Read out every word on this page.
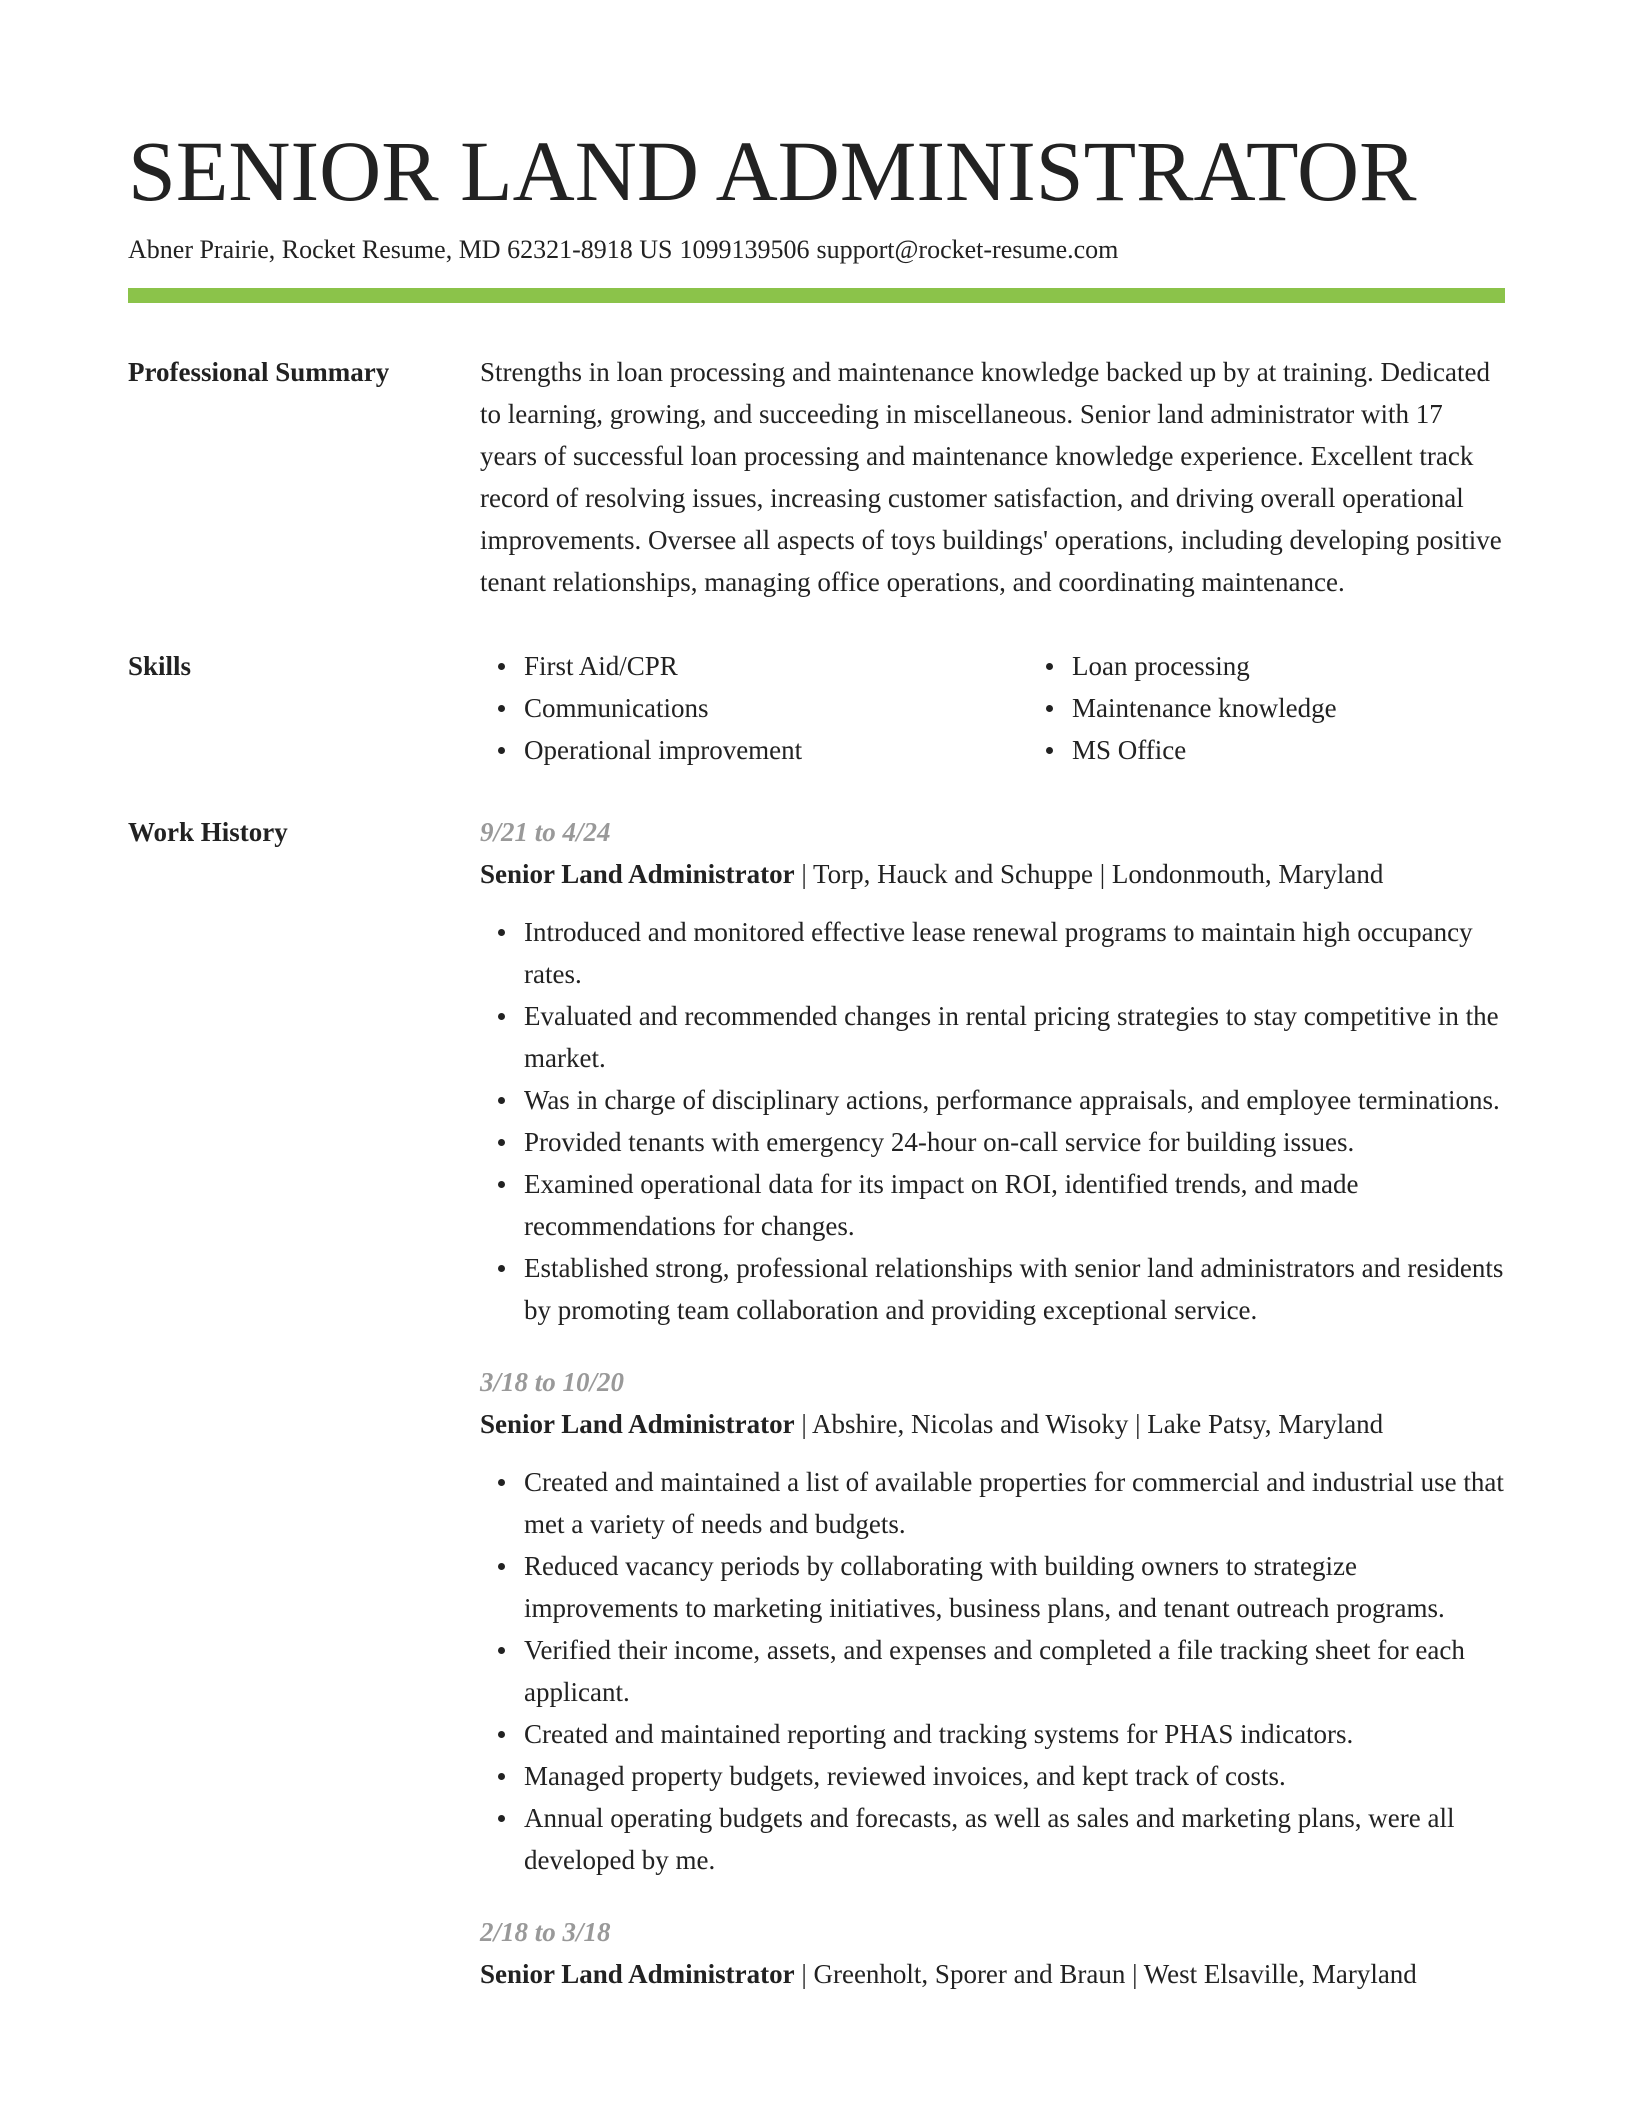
SENIOR LAND ADMINISTRATOR
Abner Prairie, Rocket Resume, MD 62321-8918 US 1099139506 support@rocket-resume.com
Professional Summary	Strengths in loan processing and maintenance knowledge backed up by at training. Dedicated to learning, growing, and succeeding in miscellaneous. Senior land administrator with 17 years of successful loan processing and maintenance knowledge experience. Excellent track record of resolving issues, increasing customer satisfaction, and driving overall operational improvements. Oversee all aspects of toys buildings' operations, including developing positive tenant relationships, managing office operations, and coordinating maintenance.

Skills	First Aid/CPR
Communications
Operational improvement
Loan processing
Maintenance knowledge
MS Office
Work History	9/21 to 4/24
Senior Land Administrator | Torp, Hauck and Schuppe | Londonmouth, Maryland
Introduced and monitored effective lease renewal programs to maintain high occupancy rates.
Evaluated and recommended changes in rental pricing strategies to stay competitive in the market.
Was in charge of disciplinary actions, performance appraisals, and employee terminations.
Provided tenants with emergency 24-hour on-call service for building issues.
Examined operational data for its impact on ROI, identified trends, and made recommendations for changes.
Established strong, professional relationships with senior land administrators and residents by promoting team collaboration and providing exceptional service.
3/18 to 10/20
Senior Land Administrator | Abshire, Nicolas and Wisoky | Lake Patsy, Maryland
Created and maintained a list of available properties for commercial and industrial use that met a variety of needs and budgets.
Reduced vacancy periods by collaborating with building owners to strategize improvements to marketing initiatives, business plans, and tenant outreach programs.
Verified their income, assets, and expenses and completed a file tracking sheet for each applicant.
Created and maintained reporting and tracking systems for PHAS indicators.
Managed property budgets, reviewed invoices, and kept track of costs.
Annual operating budgets and forecasts, as well as sales and marketing plans, were all developed by me.
2/18 to 3/18
Senior Land Administrator | Greenholt, Sporer and Braun | West Elsaville, Maryland
